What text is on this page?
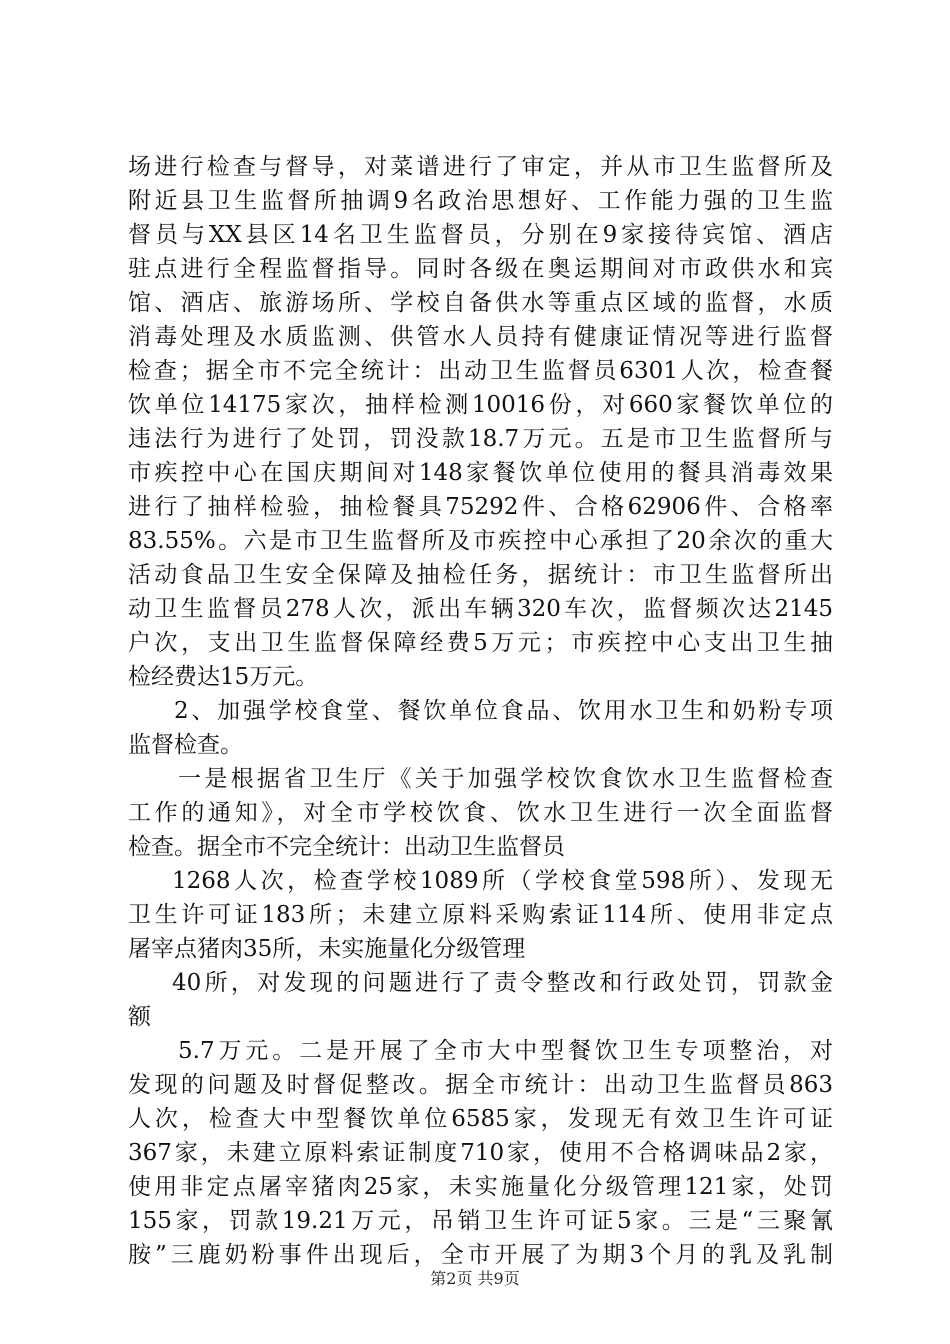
场进行检查与督导，对菜谱进行了审定，并从市卫生监督所及
附近县卫生监督所抽调9名政治思想好、工作能力强的卫生监
督员与XX县区14名卫生监督员，分别在9家接待宾馆、酒店
驻点进行全程监督指导。同时各级在奥运期间对市政供水和宾
馆、酒店、旅游场所、学校自备供水等重点区域的监督，水质
消毒处理及水质监测、供管水人员持有健康证情况等进行监督
检查；据全市不完全统计：出动卫生监督员6301人次，检查餐
饮单位14175家次，抽样检测10016份，对660家餐饮单位的
违法行为进行了处罚，罚没款18.7万元。五是市卫生监督所与
市疾控中心在国庆期间对148家餐饮单位使用的餐具消毒效果
进行了抽样检验，抽检餐具75292件、合格62906件、合格率
83.55%。六是市卫生监督所及市疾控中心承担了20余次的重大
活动食品卫生安全保障及抽检任务，据统计：市卫生监督所出
动卫生监督员278人次，派出车辆320车次，监督频次达2145
户次，支出卫生监督保障经费5万元；市疾控中心支出卫生抽
检经费达15万元。
2、加强学校食堂、餐饮单位食品、饮用水卫生和奶粉专项
监督检查。
一是根据省卫生厅《关于加强学校饮食饮水卫生监督检查
工作的通知》，对全市学校饮食、饮水卫生进行一次全面监督
检查。据全市不完全统计：出动卫生监督员
1268人次，检查学校1089所（学校食堂598所）、发现无
卫生许可证183所；未建立原料采购索证114所、使用非定点
屠宰点猪肉35所，未实施量化分级管理
40所，对发现的问题进行了责令整改和行政处罚，罚款金
额
5.7万元。二是开展了全市大中型餐饮卫生专项整治，对
发现的问题及时督促整改。据全市统计：出动卫生监督员863
人次，检查大中型餐饮单位6585家，发现无有效卫生许可证
367家，未建立原料索证制度710家，使用不合格调味品2家，
使用非定点屠宰猪肉25家，未实施量化分级管理121家，处罚
155家，罚款19.21万元，吊销卫生许可证5家。三是“三聚氰
胺”三鹿奶粉事件出现后，全市开展了为期3个月的乳及乳制
第2页 共9页
